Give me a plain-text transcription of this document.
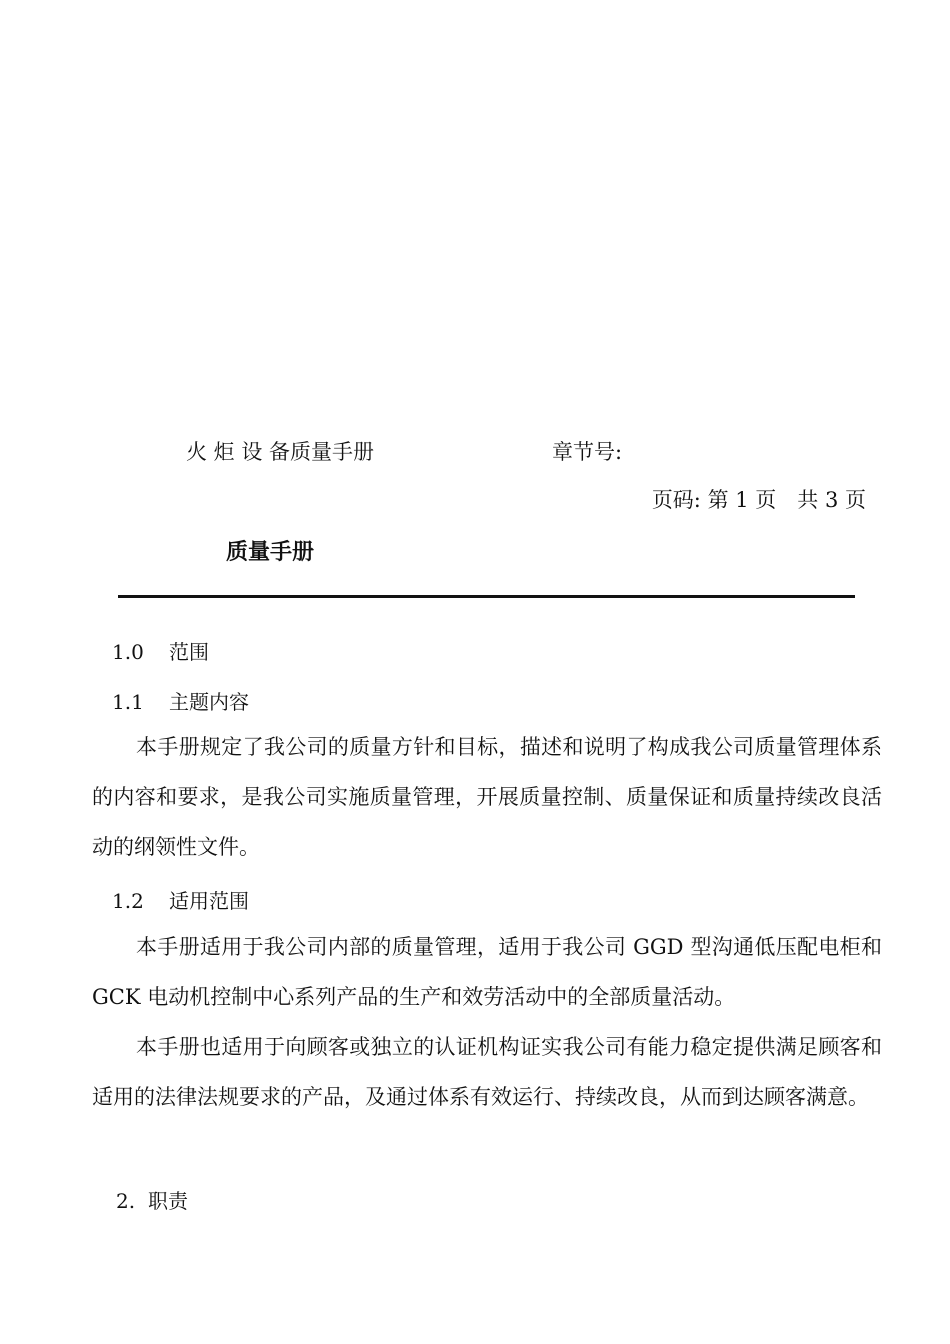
火 炬 设 备质量手册	章节号:
页码: 第 1 页　共 3 页
质量手册
1.0 范围
1.1 主题内容
本手册规定了我公司的质量方针和目标，描述和说明了构成我公司质量管理体系的内容和要求，是我公司实施质量管理，开展质量控制、质量保证和质量持续改良活动的纲领性文件。
1.2 适用范围
本手册适用于我公司内部的质量管理，适用于我公司 GGD 型沟通低压配电柜和 GCK 电动机控制中心系列产品的生产和效劳活动中的全部质量活动。
本手册也适用于向顾客或独立的认证机构证实我公司有能力稳定提供满足顾客和适用的法律法规要求的产品，及通过体系有效运行、持续改良，从而到达顾客满意。
2. 职责
